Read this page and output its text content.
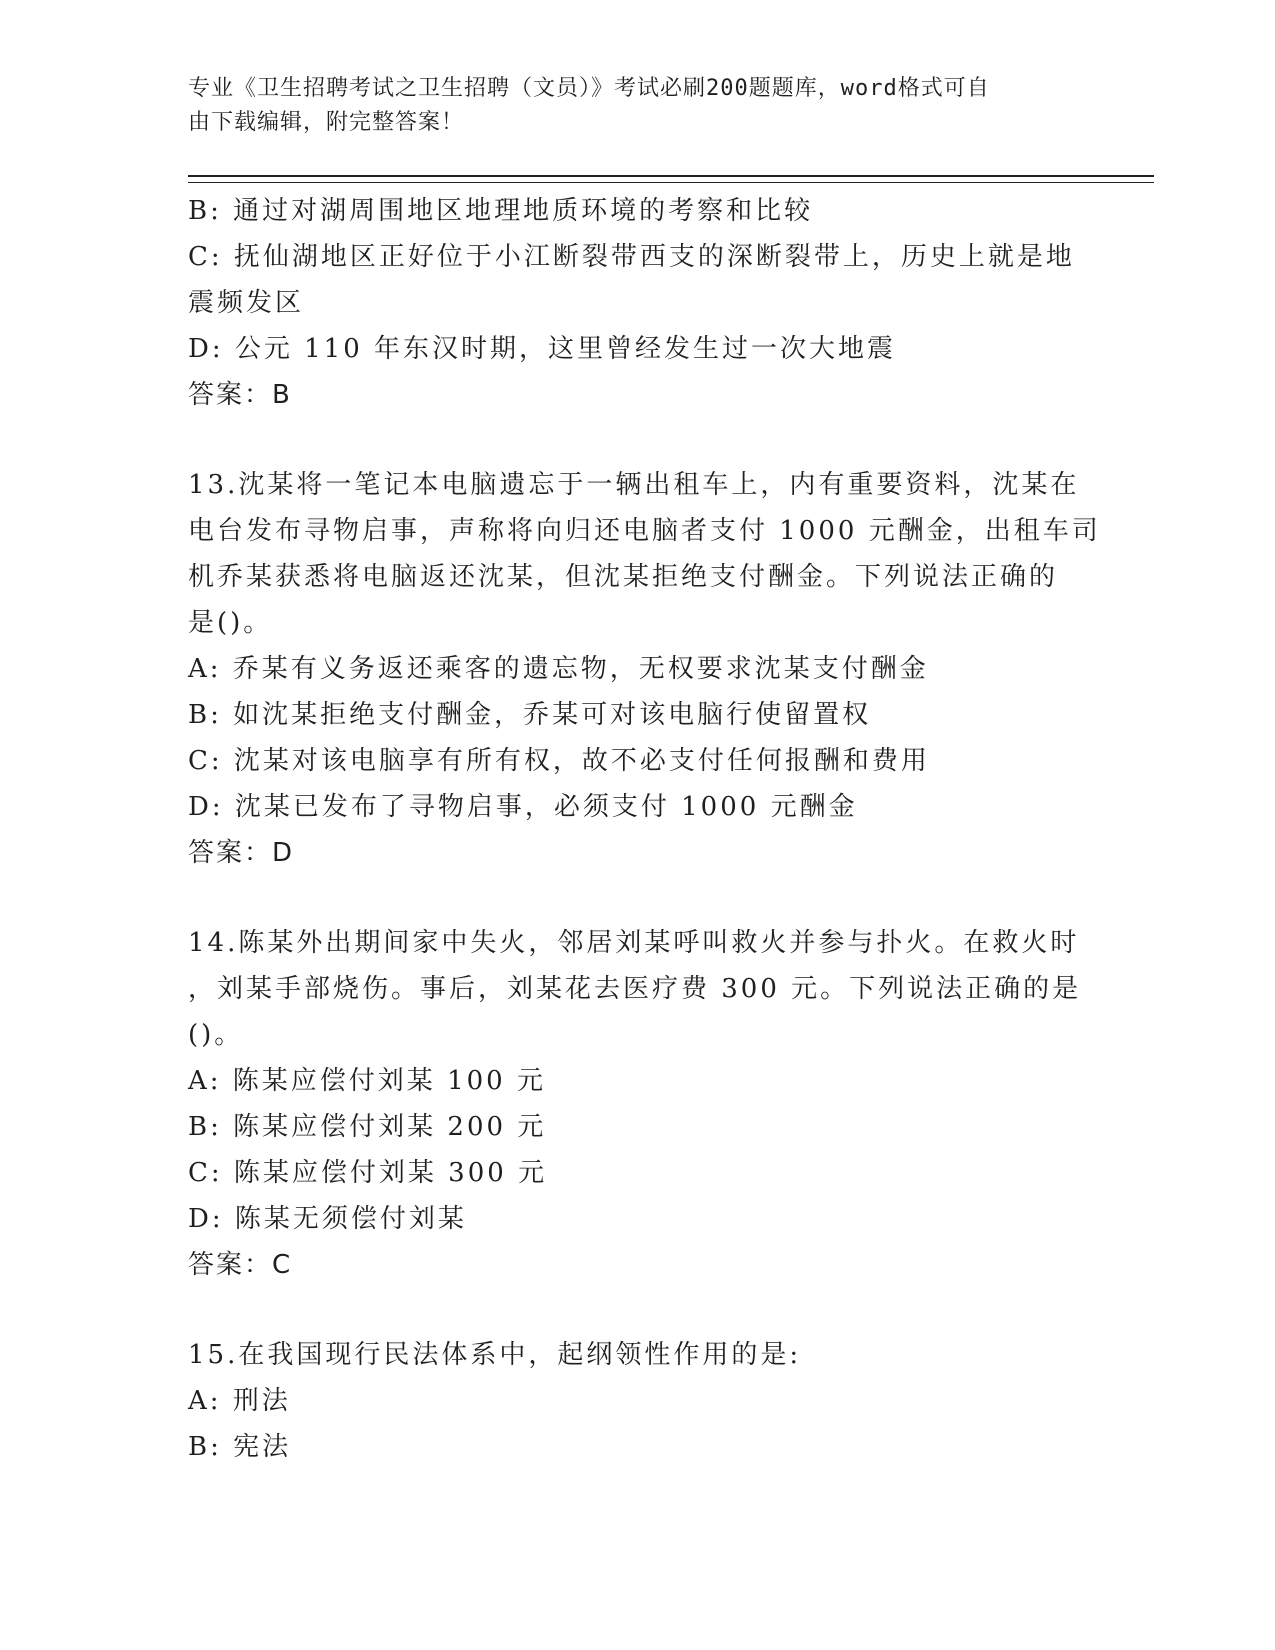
专业《卫生招聘考试之卫生招聘（文员）》考试必刷200题题库，word格式可自
由下载编辑，附完整答案！
B: 通过对湖周围地区地理地质环境的考察和比较
C: 抚仙湖地区正好位于小江断裂带西支的深断裂带上，历史上就是地
震频发区
D: 公元 110 年东汉时期，这里曾经发生过一次大地震
答案：B
13.沈某将一笔记本电脑遗忘于一辆出租车上，内有重要资料，沈某在
电台发布寻物启事，声称将向归还电脑者支付 1000 元酬金，出租车司
机乔某获悉将电脑返还沈某，但沈某拒绝支付酬金。下列说法正确的
是()。
A: 乔某有义务返还乘客的遗忘物，无权要求沈某支付酬金
B: 如沈某拒绝支付酬金，乔某可对该电脑行使留置权
C: 沈某对该电脑享有所有权，故不必支付任何报酬和费用
D: 沈某已发布了寻物启事，必须支付 1000 元酬金
答案：D
14.陈某外出期间家中失火，邻居刘某呼叫救火并参与扑火。在救火时
，刘某手部烧伤。事后，刘某花去医疗费 300 元。下列说法正确的是
()。
A: 陈某应偿付刘某 100 元
B: 陈某应偿付刘某 200 元
C: 陈某应偿付刘某 300 元
D: 陈某无须偿付刘某
答案：C
15.在我国现行民法体系中，起纲领性作用的是:
A: 刑法
B: 宪法
